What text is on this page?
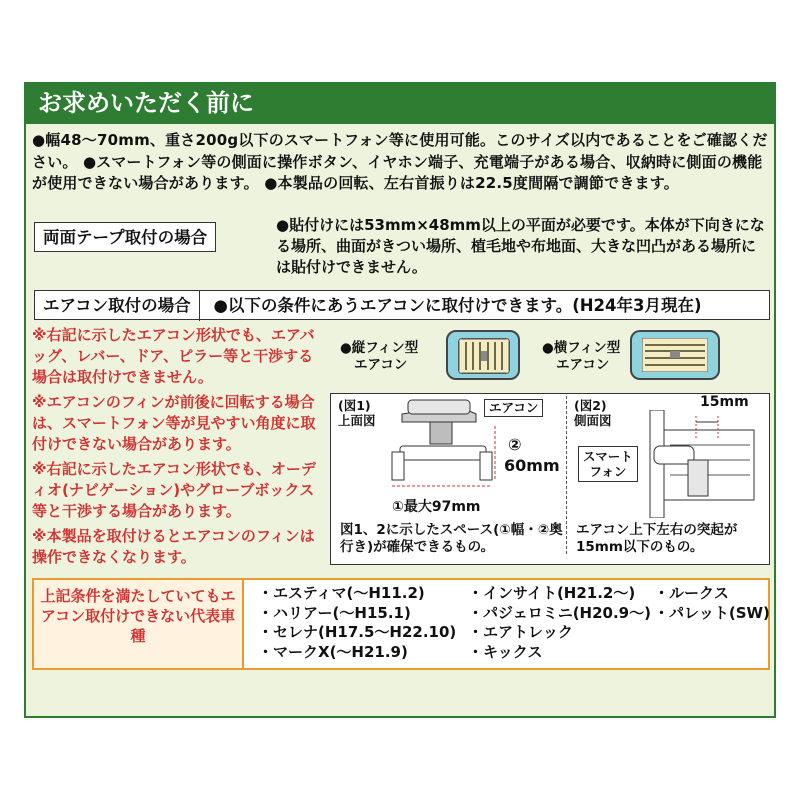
お求めいただく前に
●幅48〜70mm、重さ200g以下のスマートフォン等に使用可能。このサイズ以内であることをご確認ください。 ●スマートフォン等の側面に操作ボタン、イヤホン端子、充電端子がある場合、収納時に側面の機能が使用できない場合があります。 ●本製品の回転、左右首振りは22.5度間隔で調節できます。
両面テープ取付の場合
●貼付けには53mm×48mm以上の平面が必要です。本体が下向きになる場所、曲面がきつい場所、植毛地や布地面、大きな凹凸がある場所には貼付けできません。
エアコン取付の場合 ●以下の条件にあうエアコンに取付けできます。(H24年3月現在)

※右記に示したエアコン形状でも、エアバッグ、レバー、ドア、ピラー等と干渉する場合は取付けできません。

※エアコンのフィンが前後に回転する場合は、スマートフォン等が見やすい角度に取付けできない場合があります。

※右記に示したエアコン形状でも、オーディオ(ナビゲーション)やグローブボックス等と干渉する場合があります。

※本製品を取付けるとエアコンのフィンは操作できなくなります。

●縦フィン型
エアコン
●横フィン型
エアコン
(図1)
上面図
エアコン
②
60mm
①最大97mm
図1、2に示したスペース(①幅・②奥行き)が確保できるもの。
(図2)
側面図
15mm
スマート
フォン
エアコン上下左右の突起が15mm以下のもの。
上記条件を満たしていてもエアコン取付けできない代表車種
・エスティマ(〜H11.2)
・ハリアー(〜H15.1)
・セレナ(H17.5〜H22.10)
・マークX(〜H21.9)
・インサイト(H21.2〜)
・パジェロミニ(H20.9〜)
・エアトレック
・キックス
・ルークス
・パレット(SW)
